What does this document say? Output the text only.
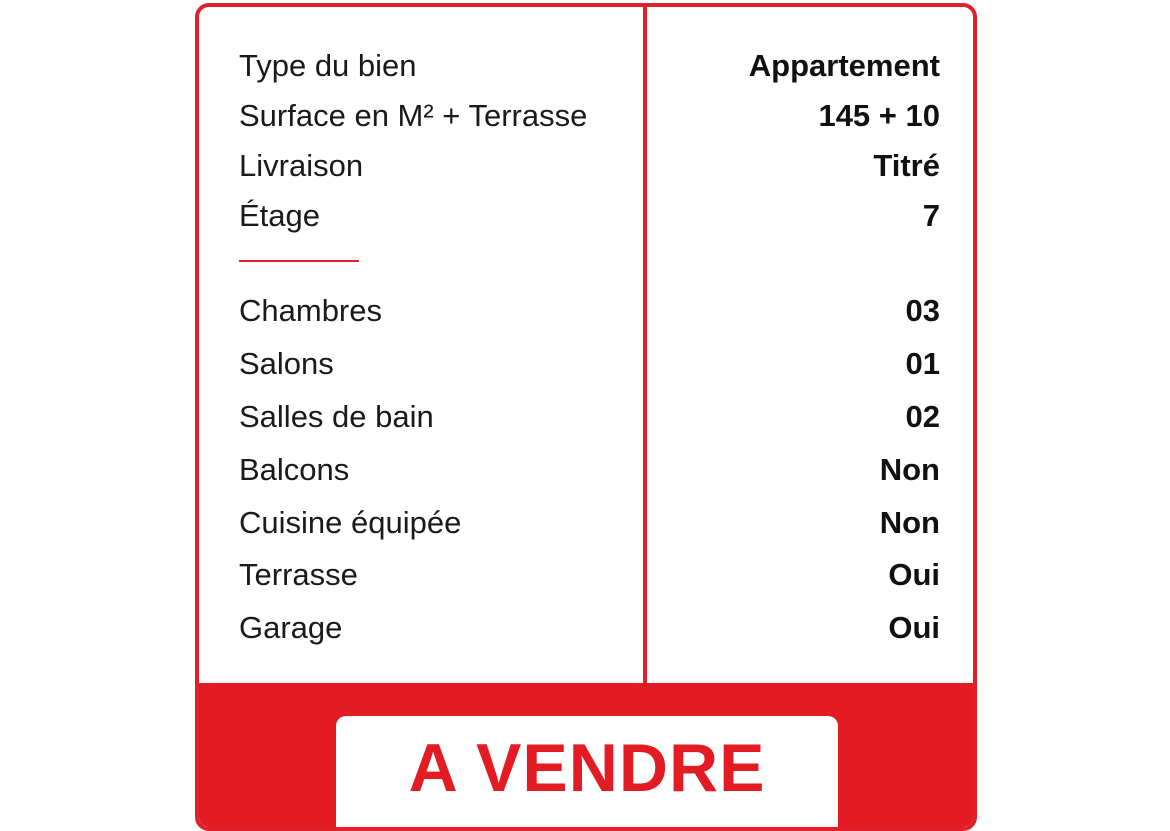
Type du bien	Appartement
Surface en M² + Terrasse	145 + 10
Livraison	Titré
Étage	7
Chambres	03
Salons	01
Salles de bain	02
Balcons	Non
Cuisine équipée	Non
Terrasse	Oui
Garage	Oui
A VENDRE
